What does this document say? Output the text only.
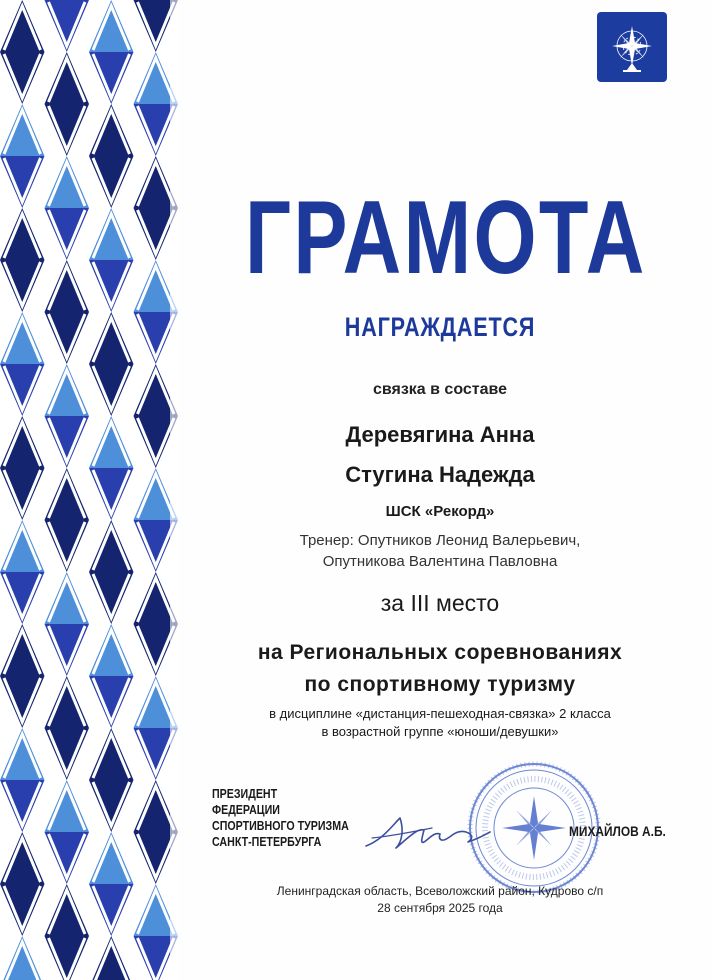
ГРАМОТА
НАГРАЖДАЕТСЯ
связка в составе
Деревягина Анна
Стугина Надежда
ШСК «Рекорд»
Тренер: Опутников Леонид Валерьевич,
Опутникова Валентина Павловна
за III место
на Региональных соревнованиях
по спортивному туризму
в дисциплине «дистанция-пешеходная-связка» 2 класса
в возрастной группе «юноши/девушки»
ПРЕЗИДЕНТ
ФЕДЕРАЦИИ
СПОРТИВНОГО ТУРИЗМА
САНКТ-ПЕТЕРБУРГА
МИХАЙЛОВ А.Б.
Ленинградская область, Всеволожский район, Кудрово с/п
28 сентября 2025 года
